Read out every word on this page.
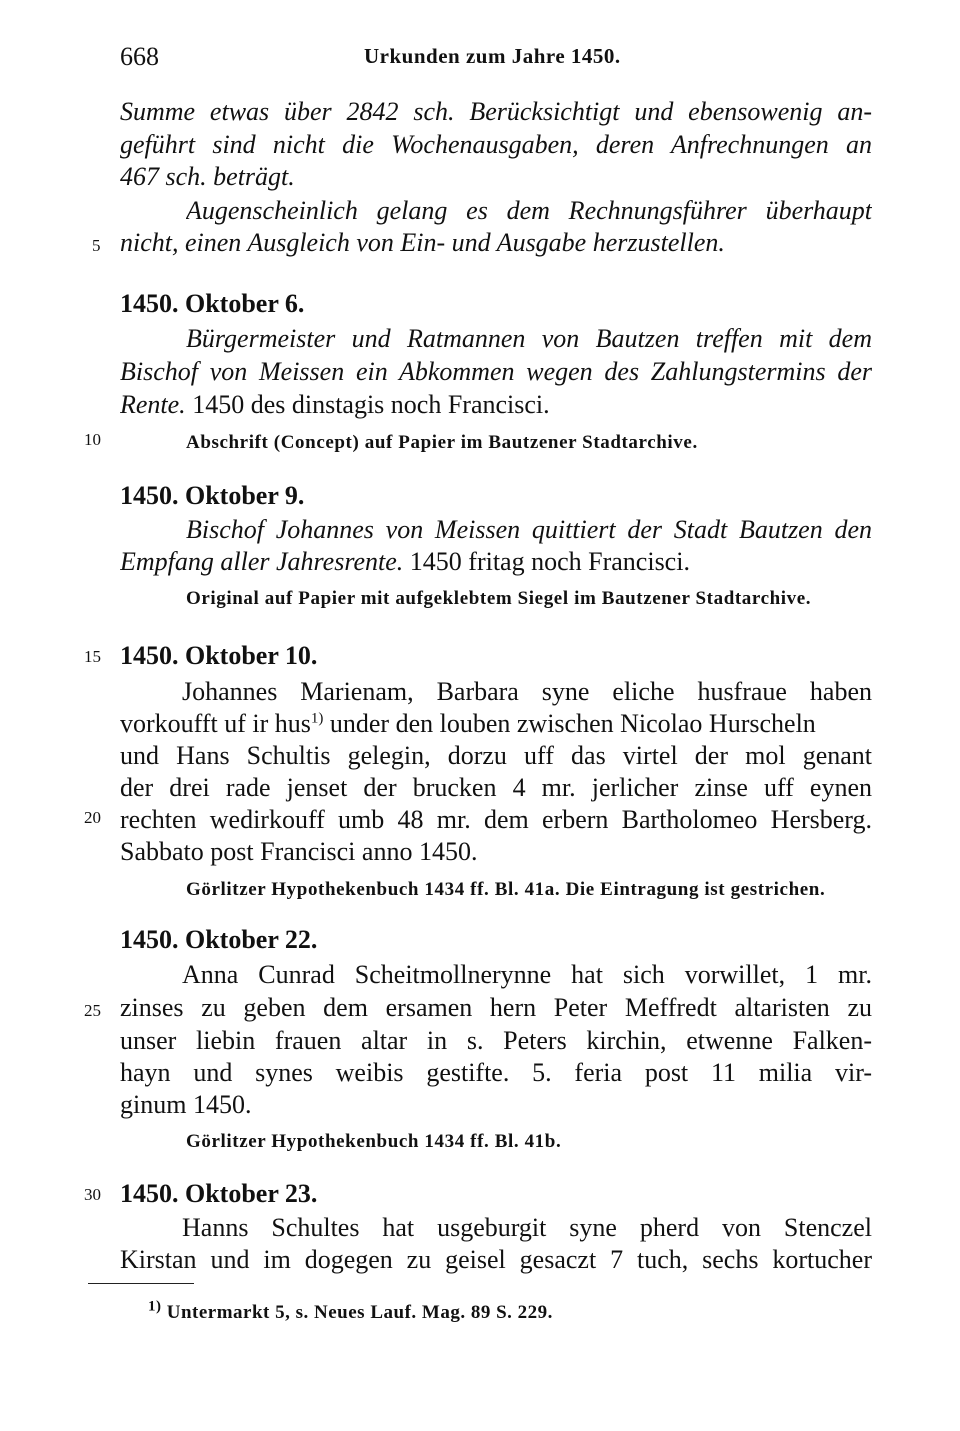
668	Urkunden zum Jahre 1450.
5
10
15
20
25
30
Summe etwas über 2842 sch. Berücksichtigt und ebensowenig an-
geführt sind nicht die Wochenausgaben, deren Anfrechnungen an
467 sch. beträgt.
Augenscheinlich gelang es dem Rechnungsführer überhaupt
nicht, einen Ausgleich von Ein- und Ausgabe herzustellen.
1450. Oktober 6.
Bürgermeister und Ratmannen von Bautzen treffen mit dem
Bischof von Meissen ein Abkommen wegen des Zahlungstermins der
Rente. 1450 des dinstagis noch Francisci.
Abschrift (Concept) auf Papier im Bautzener Stadtarchive.
1450. Oktober 9.
Bischof Johannes von Meissen quittiert der Stadt Bautzen den
Empfang aller Jahresrente. 1450 fritag noch Francisci.
Original auf Papier mit aufgeklebtem Siegel im Bautzener Stadtarchive.
1450. Oktober 10.
Johannes Marienam, Barbara syne eliche husfraue haben
vorkoufft uf ir hus$^{1)}$ under den louben zwischen Nicolao Hurscheln
und Hans Schultis gelegin, dorzu uff das virtel der mol genant
der drei rade jenset der brucken 4 mr. jerlicher zinse uff eynen
rechten wedirkouff umb 48 mr. dem erbern Bartholomeo Hersberg.
Sabbato post Francisci anno 1450.
Görlitzer Hypothekenbuch 1434 ff. Bl. 41a. Die Eintragung ist gestrichen.
1450. Oktober 22.
Anna Cunrad Scheitmollnerynne hat sich vorwillet, 1 mr.
zinses zu geben dem ersamen hern Peter Meffredt altaristen zu
unser liebin frauen altar in s. Peters kirchin, etwenne Falken-
hayn und synes weibis gestifte. 5. feria post 11 milia vir-
ginum 1450.
Görlitzer Hypothekenbuch 1434 ff. Bl. 41b.
1450. Oktober 23.
Hanns Schultes hat usgeburgit syne pherd von Stenczel
Kirstan und im dogegen zu geisel gesaczt 7 tuch, sechs kortucher
$^{1)}$ Untermarkt 5, s. Neues Lauf. Mag. 89 S. 229.
